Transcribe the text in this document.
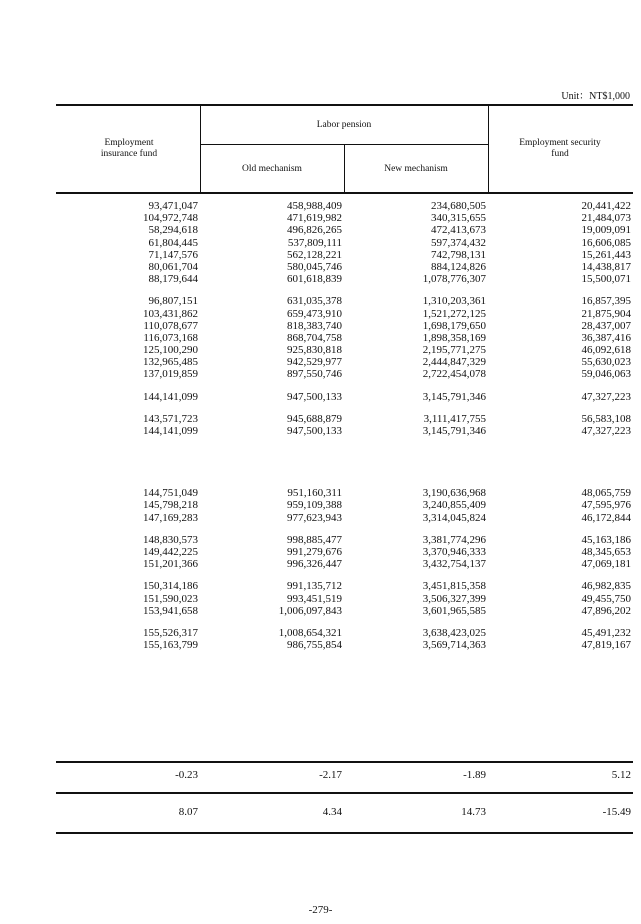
Unit：NT$1,000
Employment insurance fund
Labor pension
Old mechanism	New mechanism
Employment security fund
93,471,047	458,988,409	234,680,505	20,441,422
104,972,748	471,619,982	340,315,655	21,484,073
58,294,618	496,826,265	472,413,673	19,009,091
61,804,445	537,809,111	597,374,432	16,606,085
71,147,576	562,128,221	742,798,131	15,261,443
80,061,704	580,045,746	884,124,826	14,438,817
88,179,644	601,618,839	1,078,776,307	15,500,071
96,807,151	631,035,378	1,310,203,361	16,857,395
103,431,862	659,473,910	1,521,272,125	21,875,904
110,078,677	818,383,740	1,698,179,650	28,437,007
116,073,168	868,704,758	1,898,358,169	36,387,416
125,100,290	925,830,818	2,195,771,275	46,092,618
132,965,485	942,529,977	2,444,847,329	55,630,023
137,019,859	897,550,746	2,722,454,078	59,046,063
144,141,099	947,500,133	3,145,791,346	47,327,223
143,571,723	945,688,879	3,111,417,755	56,583,108
144,141,099	947,500,133	3,145,791,346	47,327,223
144,751,049	951,160,311	3,190,636,968	48,065,759
145,798,218	959,109,388	3,240,855,409	47,595,976
147,169,283	977,623,943	3,314,045,824	46,172,844
148,830,573	998,885,477	3,381,774,296	45,163,186
149,442,225	991,279,676	3,370,946,333	48,345,653
151,201,366	996,326,447	3,432,754,137	47,069,181
150,314,186	991,135,712	3,451,815,358	46,982,835
151,590,023	993,451,519	3,506,327,399	49,455,750
153,941,658	1,006,097,843	3,601,965,585	47,896,202
155,526,317	1,008,654,321	3,638,423,025	45,491,232
155,163,799	986,755,854	3,569,714,363	47,819,167
-0.23	-2.17	-1.89	5.12
8.07	4.34	14.73	-15.49
-279-
